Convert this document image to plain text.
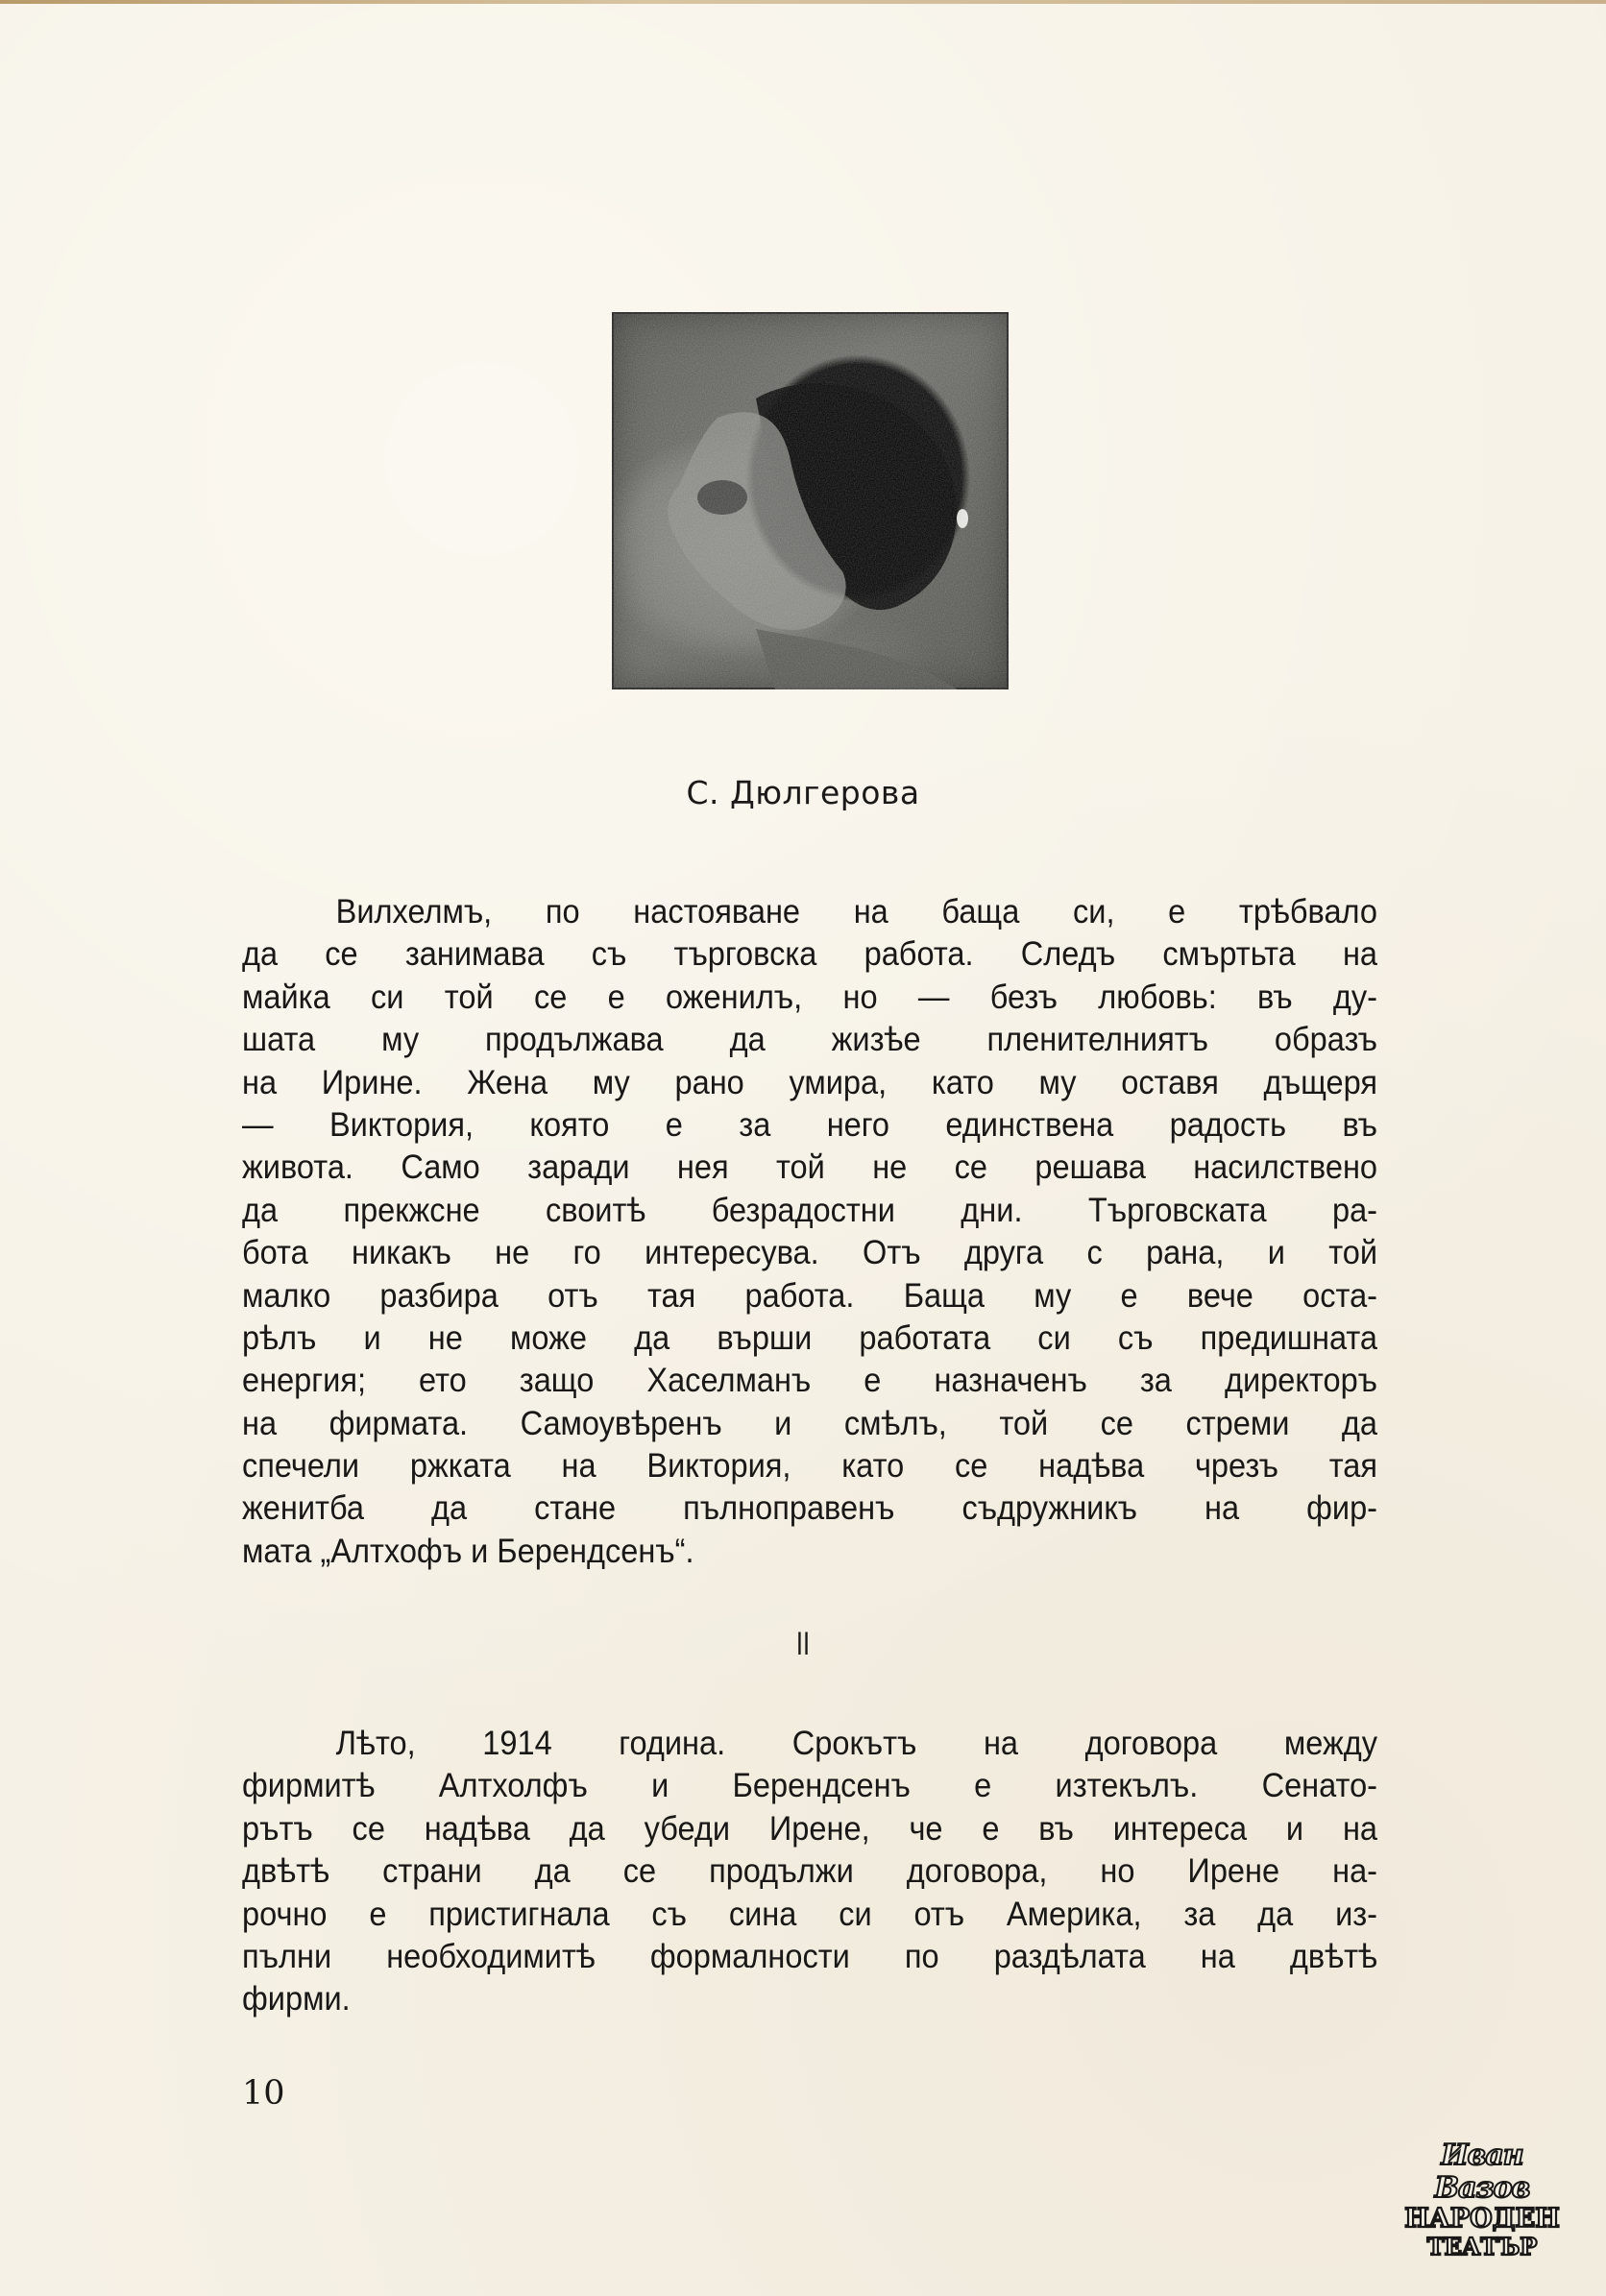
С. Дюлгерова
Вилхелмъ, по настояване на баща си, е трѣбвало
да се занимава съ търговска работа. Следъ смъртьта на
майка си той се е оженилъ, но — безъ любовь: въ ду-
шата му продължава да жизѣе пленителниятъ образъ
на Ирине. Жена му рано умира, като му оставя дъщеря
— Виктория, която е за него единствена радость въ
живота. Само заради нея той не се решава насилствено
да прекжсне своитѣ безрадостни дни. Търговската ра-
бота никакъ не го интересува. Отъ друга с рана, и той
малко разбира отъ тая работа. Баща му е вече оста-
рѣлъ и не може да върши работата си съ предишната
енергия; ето защо Хаселманъ е назначенъ за директоръ
на фирмата. Самоувѣренъ и смѣлъ, той се стреми да
спечели ржката на Виктория, като се надѣва чрезъ тая
женитба да стане пълноправенъ съдружникъ на фир-
мата „Алтхофъ и Берендсенъ“.
II
Лѣто, 1914 година. Срокътъ на договора между
фирмитѣ Алтхолфъ и Берендсенъ е изтекълъ. Сенато-
рътъ се надѣва да убеди Ирене, че е въ интереса и на
двѣтѣ страни да се продължи договора, но Ирене на-
рочно е пристигнала съ сина си отъ Америка, за да из-
пълни необходимитѣ формалности по раздѣлата на двѣтѣ
фирми.
10
Иван Вазов
НАРОДЕН
ТЕАТЪР
